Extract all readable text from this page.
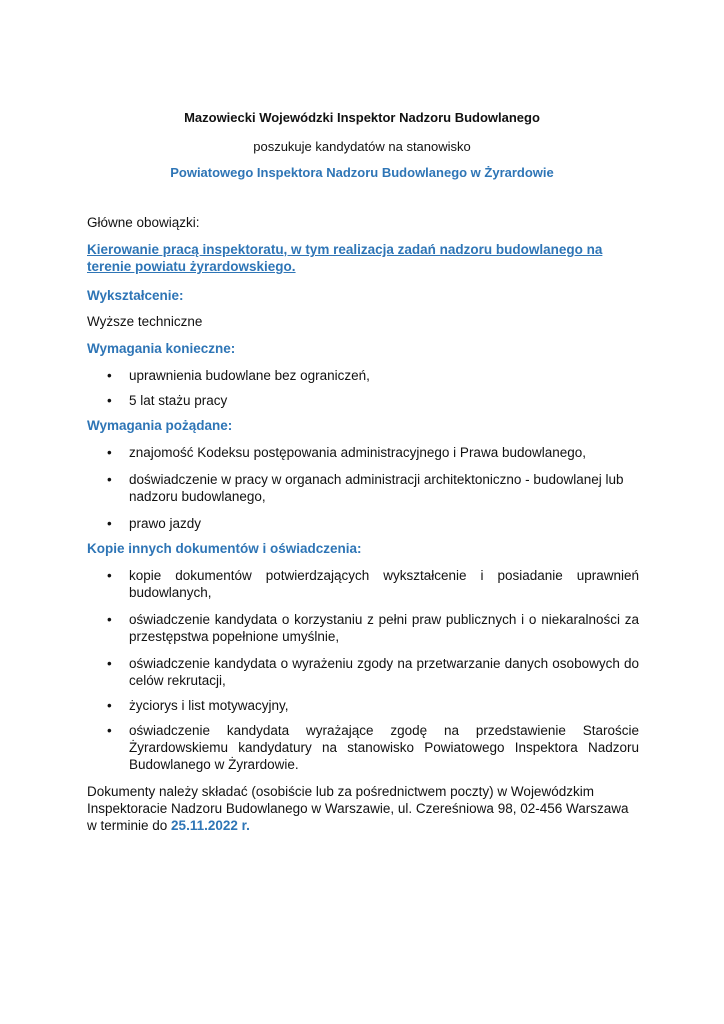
Mazowiecki Wojewódzki Inspektor Nadzoru Budowlanego
poszukuje kandydatów na stanowisko
Powiatowego Inspektora Nadzoru Budowlanego w Żyrardowie
Główne obowiązki:
Kierowanie pracą inspektoratu, w tym realizacja zadań nadzoru budowlanego na terenie powiatu żyrardowskiego.
Wykształcenie:
Wyższe techniczne
Wymagania konieczne:
•	uprawnienia budowlane bez ograniczeń,
•	5 lat stażu pracy
Wymagania pożądane:
•	znajomość Kodeksu postępowania administracyjnego i Prawa budowlanego,
•	doświadczenie w pracy w organach administracji architektoniczno - budowlanej lub nadzoru budowlanego,
•	prawo jazdy
Kopie innych dokumentów i oświadczenia:
•	kopie dokumentów potwierdzających wykształcenie i posiadanie uprawnień budowlanych,
•	oświadczenie kandydata o korzystaniu z pełni praw publicznych i o niekaralności za przestępstwa popełnione umyślnie,
•	oświadczenie kandydata o wyrażeniu zgody na przetwarzanie danych osobowych do celów rekrutacji,
•	życiorys i list motywacyjny,
•	oświadczenie kandydata wyrażające zgodę na przedstawienie Staroście Żyrardowskiemu kandydatury na stanowisko Powiatowego Inspektora Nadzoru Budowlanego w Żyrardowie.
Dokumenty należy składać (osobiście lub za pośrednictwem poczty) w Wojewódzkim Inspektoracie Nadzoru Budowlanego w Warszawie, ul. Czereśniowa 98, 02-456 Warszawa w terminie do 25.11.2022 r.
